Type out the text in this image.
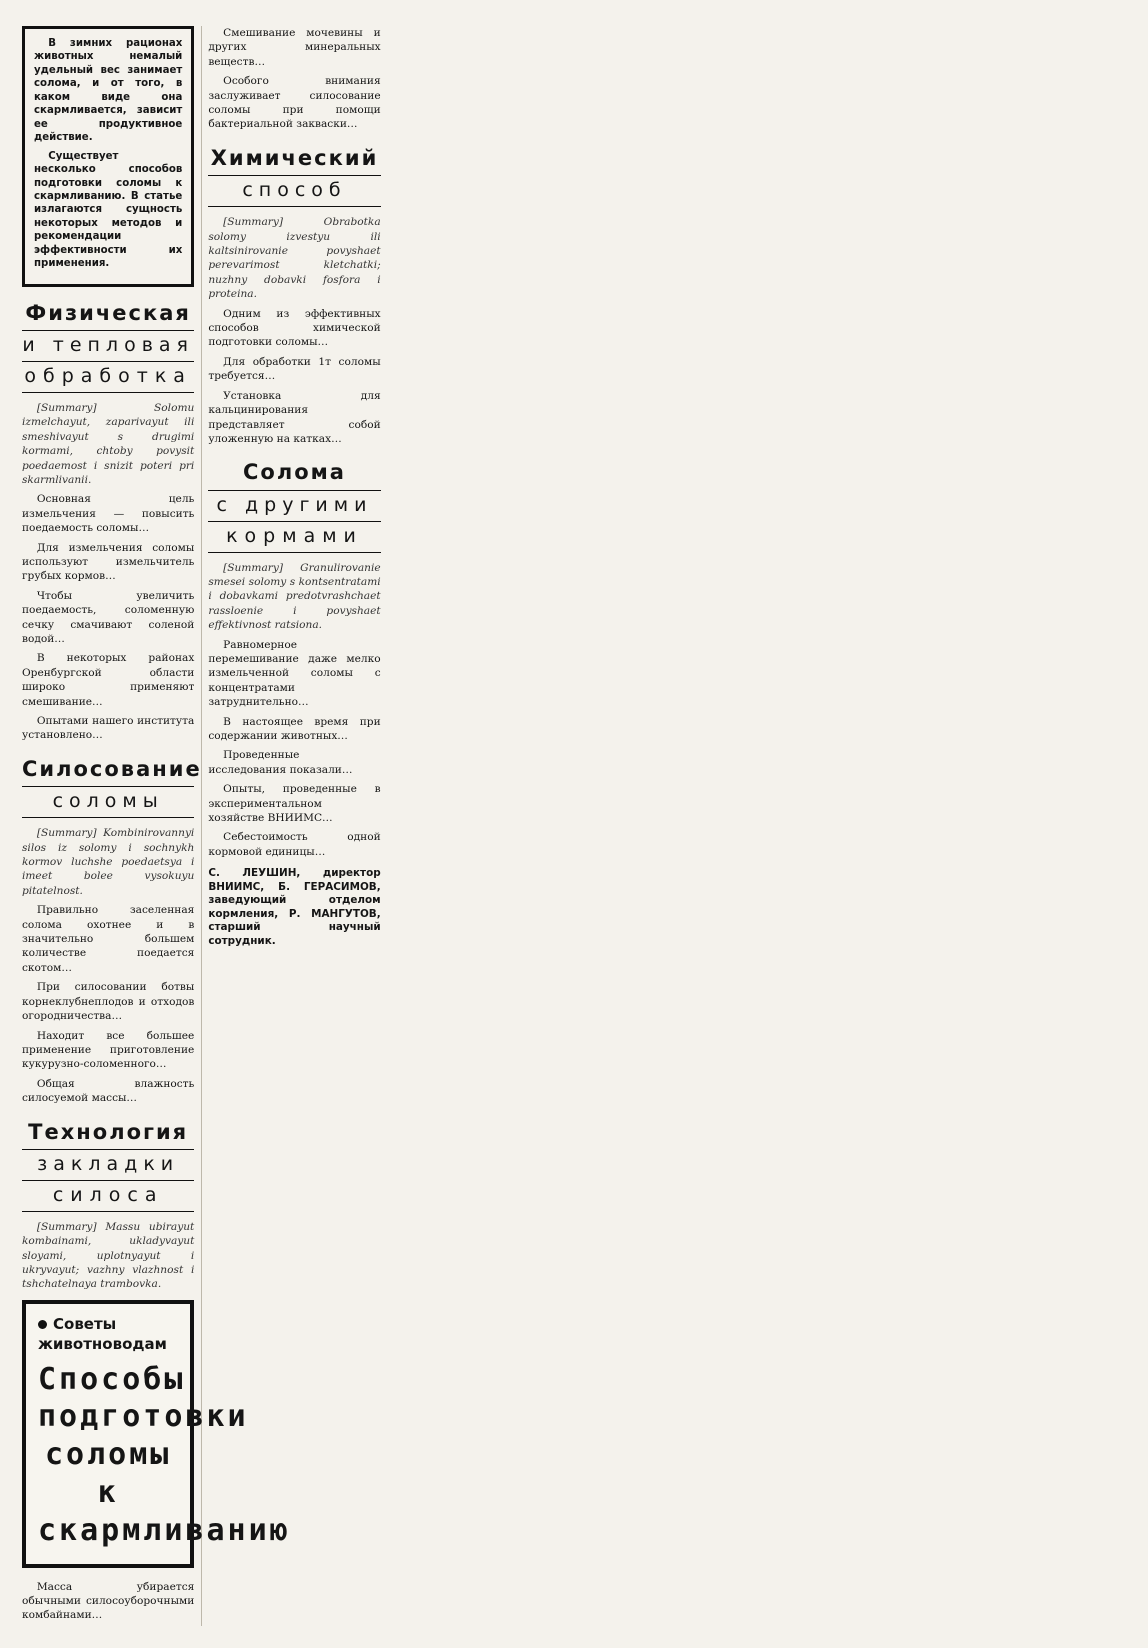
В зимних рационах животных немалый удельный вес занимает солома, и от того, в каком виде она скармливается, зависит ее продуктивное действие.

Существует несколько способов подготовки соломы к скармливанию. В статье излагаются сущность некоторых методов и рекомендации эффективности их применения.

Физическая
и тепловая
обработка

[Summary] Solomu izmelchayut, zaparivayut ili smeshivayut s drugimi kormami, chtoby povysit poedaemost i snizit poteri pri skarmlivanii.

Основная цель измельчения — повысить поедаемость соломы…

Для измельчения соломы используют измельчитель грубых кормов…

Чтобы увеличить поедаемость, соломенную сечку смачивают соленой водой…

В некоторых районах Оренбургской области широко применяют смешивание…

Опытами нашего института установлено…

Силосование
соломы

[Summary] Kombinirovannyi silos iz solomy i sochnykh kormov luchshe poedaetsya i imeet bolee vysokuyu pitatelnost.

Правильно заселенная солома охотнее и в значительно большем количестве поедается скотом…

При силосовании ботвы корнеклубнеплодов и отходов огородничества…

Находит все большее применение приготовление кукурузно-соломенного…

Общая влажность силосуемой массы…

Технология
закладки
силоса

[Summary] Massu ubirayut kombainami, ukladyvayut sloyami, uplotnyayut i ukryvayut; vazhny vlazhnost i tshchatelnaya trambovka.

Советы животноводам
Способы подготовки соломы к скармливанию

Масса убирается обычными силосоуборочными комбайнами…

Смешивание мочевины и других минеральных веществ…

Особого внимания заслуживает силосование соломы при помощи бактериальной закваски…

Химический
способ

[Summary] Obrabotka solomy izvestyu ili kaltsinirovanie povyshaet perevarimost kletchatki; nuzhny dobavki fosfora i proteina.

Одним из эффективных способов химической подготовки соломы…

Для обработки 1т соломы требуется…

Установка для кальцинирования представляет собой уложенную на катках…

Солома
с другими
кормами

[Summary] Granulirovanie smesei solomy s kontsentratami i dobavkami predotvrashchaet rassloenie i povyshaet effektivnost ratsiona.

Равномерное перемешивание даже мелко измельченной соломы с концентратами затруднительно…

В настоящее время при содержании животных…

Проведенные исследования показали…

Опыты, проведенные в экспериментальном хозяйстве ВНИИМС…

Себестоимость одной кормовой единицы…

С. ЛЕУШИН, директор ВНИИМС, Б. ГЕРАСИМОВ, заведующий отделом кормления, Р. МАНГУТОВ, старший научный сотрудник.
